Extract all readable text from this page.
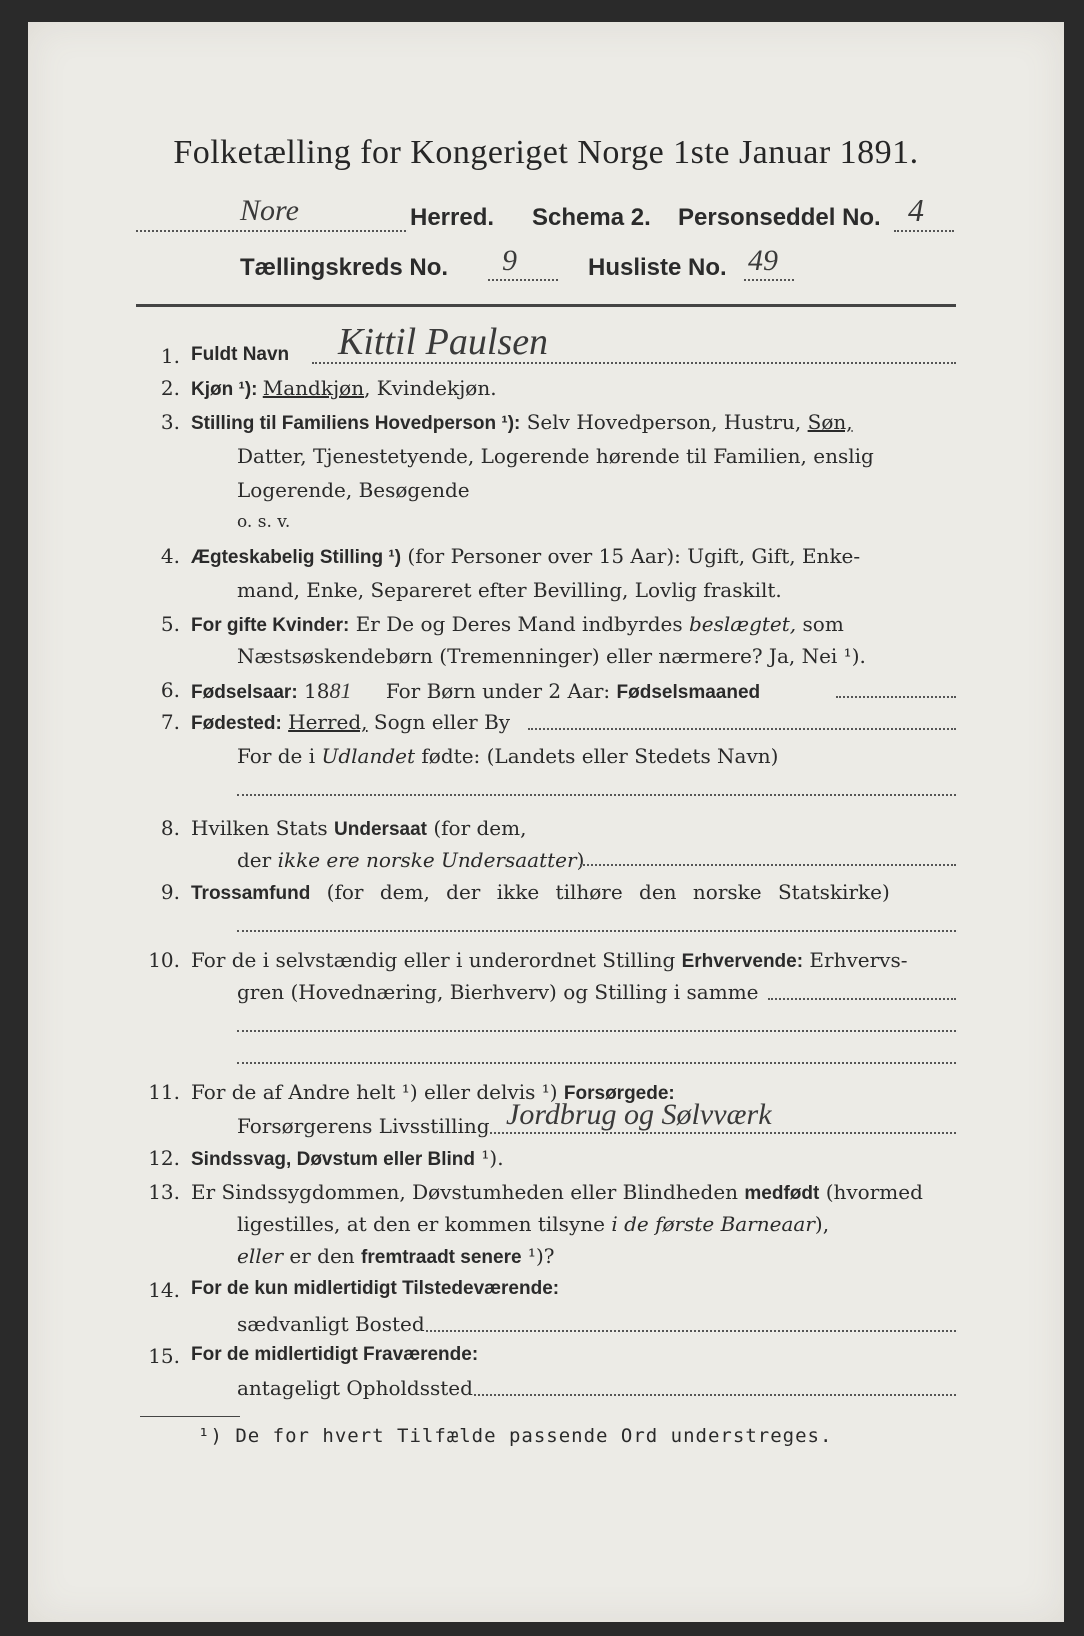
Folketælling for Kongeriget Norge 1ste Januar 1891.
Nore	Herred. Schema 2. Personseddel No. 4
Tællingskreds No. 9	Husliste No. 49
1. Fuldt Navn Kittil Paulsen
2. Kjøn ¹): Mandkjøn, Kvindekjøn.
3. Stilling til Familiens Hovedperson ¹): Selv Hovedperson, Hustru, Søn,
Datter, Tjenestetyende, Logerende hørende til Familien, enslig
Logerende, Besøgende
o. s. v.
4. Ægteskabelig Stilling ¹) (for Personer over 15 Aar): Ugift, Gift, Enke-
mand, Enke, Separeret efter Bevilling, Lovlig fraskilt.
5. For gifte Kvinder: Er De og Deres Mand indbyrdes beslægtet, som
Næstsøskendebørn (Tremenninger) eller nærmere? Ja, Nei ¹).
6. Fødselsaar: 1881 For Børn under 2 Aar: Fødselsmaaned
7. Fødested: Herred, Sogn eller By
For de i Udlandet fødte: (Landets eller Stedets Navn)
8. Hvilken Stats Undersaat (for dem,
der ikke ere norske Undersaatter)
9. Trossamfund (for dem, der ikke tilhøre den norske Statskirke)
10. For de i selvstændig eller i underordnet Stilling Erhvervende: Erhvervs-
gren (Hovednæring, Bierhverv) og Stilling i samme
11. For de af Andre helt ¹) eller delvis ¹) Forsørgede:
Forsørgerens Livsstilling Jordbrug og Sølvværk
12. Sindssvag, Døvstum eller Blind ¹).
13. Er Sindssygdommen, Døvstumheden eller Blindheden medfødt (hvormed
ligestilles, at den er kommen tilsyne i de første Barneaar),
eller er den fremtraadt senere ¹)?
14. For de kun midlertidigt Tilstedeværende:
sædvanligt Bosted
15. For de midlertidigt Fraværende:
antageligt Opholdssted
¹) De for hvert Tilfælde passende Ord understreges.
